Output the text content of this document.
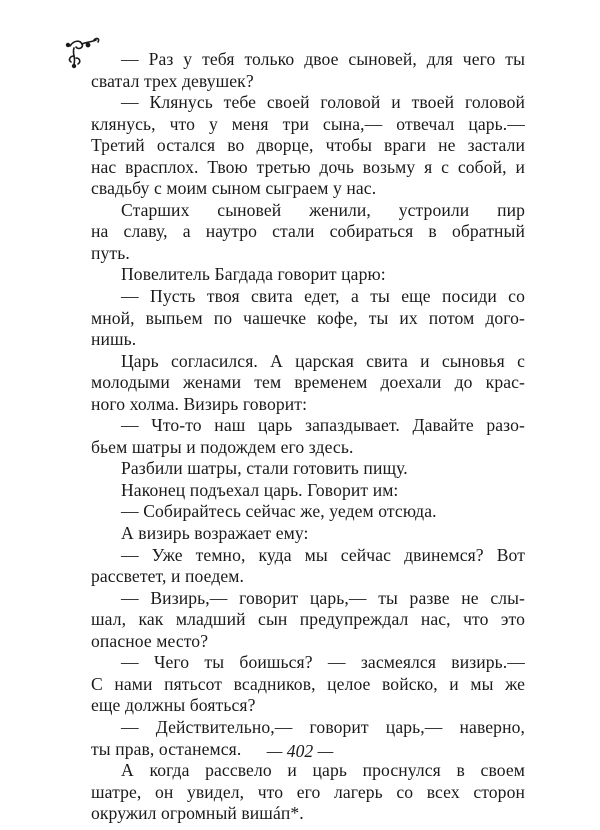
— Раз у тебя только двое сыновей, для чего ты
сватал трех девушек?
— Клянусь тебе своей головой и твоей головой
клянусь, что у меня три сына,— отвечал царь.—
Третий остался во дворце, чтобы враги не застали
нас врасплох. Твою третью дочь возьму я с собой, и
свадьбу с моим сыном сыграем у нас.
Старших сыновей женили, устроили пир
на славу, а наутро стали собираться в обратный
путь.
Повелитель Багдада говорит царю:
— Пусть твоя свита едет, а ты еще посиди со
мной, выпьем по чашечке кофе, ты их потом дого-
нишь.
Царь согласился. А царская свита и сыновья с
молодыми женами тем временем доехали до крас-
ного холма. Визирь говорит:
— Что-то наш царь запаздывает. Давайте разо-
бьем шатры и подождем его здесь.
Разбили шатры, стали готовить пищу.
Наконец подъехал царь. Говорит им:
— Собирайтесь сейчас же, уедем отсюда.
А визирь возражает ему:
— Уже темно, куда мы сейчас двинемся? Вот
рассветет, и поедем.
— Визирь,— говорит царь,— ты разве не слы-
шал, как младший сын предупреждал нас, что это
опасное место?
— Чего ты боишься? — засмеялся визирь.—
С нами пятьсот всадников, целое войско, и мы же
еще должны бояться?
— Действительно,— говорит царь,— наверно,
ты прав, останемся.
А когда рассвело и царь проснулся в своем
шатре, он увидел, что его лагерь со всех сторон
окружил огромный вишáп*.
— 402 —
